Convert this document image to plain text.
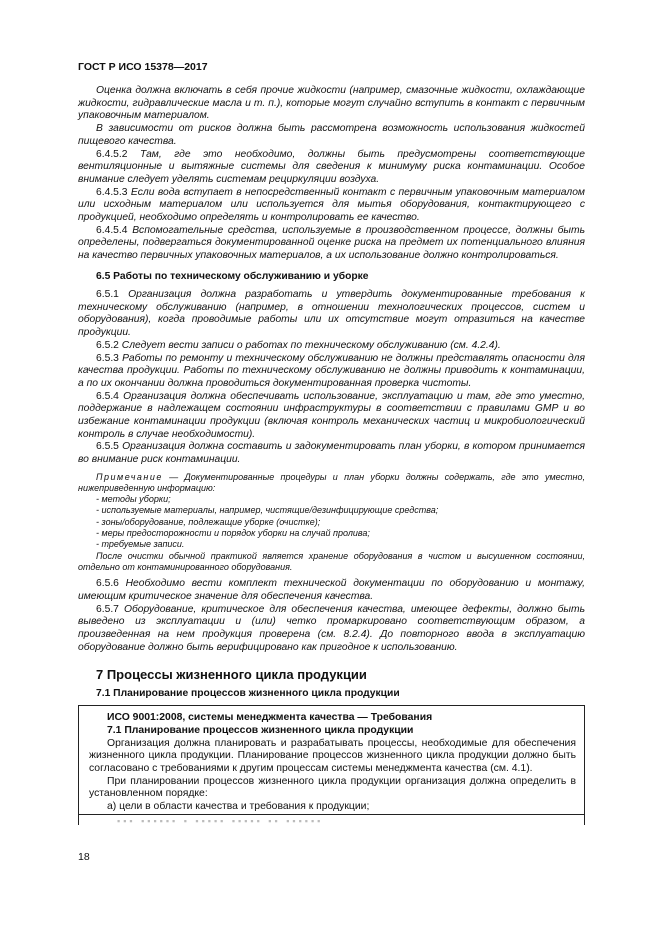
ГОСТ Р ИСО 15378—2017

Оценка должна включать в себя прочие жидкости (например, смазочные жидкости, охлаждающие жидкости, гидравлические масла и т. п.), которые могут случайно вступить в контакт с первичным упаковочным материалом.

В зависимости от рисков должна быть рассмотрена возможность использования жидкостей пищевого качества.

6.4.5.2 Там, где это необходимо, должны быть предусмотрены соответствующие вентиляционные и вытяжные системы для сведения к минимуму риска контаминации. Особое внимание следует уделять системам рециркуляции воздуха.

6.4.5.3 Если вода вступает в непосредственный контакт с первичным упаковочным материалом или исходным материалом или используется для мытья оборудования, контактирующего с продукцией, необходимо определять и контролировать ее качество.

6.4.5.4 Вспомогательные средства, используемые в производственном процессе, должны быть определены, подвергаться документированной оценке риска на предмет их потенциального влияния на качество первичных упаковочных материалов, а их использование должно контролироваться.

6.5 Работы по техническому обслуживанию и уборке

6.5.1 Организация должна разработать и утвердить документированные требования к техническому обслуживанию (например, в отношении технологических процессов, систем и оборудования), когда проводимые работы или их отсутствие могут отразиться на качестве продукции.

6.5.2 Следует вести записи о работах по техническому обслуживанию (см. 4.2.4).

6.5.3 Работы по ремонту и техническому обслуживанию не должны представлять опасности для качества продукции. Работы по техническому обслуживанию не должны приводить к контаминации, а по их окончании должна проводиться документированная проверка чистоты.

6.5.4 Организация должна обеспечивать использование, эксплуатацию и там, где это уместно, поддержание в надлежащем состоянии инфраструктуры в соответствии с правилами GMP и во избежание контаминации продукции (включая контроль механических частиц и микробиологический контроль в случае необходимости).

6.5.5 Организация должна составить и задокументировать план уборки, в котором принимается во внимание риск контаминации.

Примечание — Документированные процедуры и план уборки должны содержать, где это уместно, нижеприведенную информацию:

- методы уборки;
- используемые материалы, например, чистящие/дезинфицирующие средства;
- зоны/оборудование, подлежащие уборке (очистке);
- меры предосторожности и порядок уборки на случай пролива;
- требуемые записи.

После очистки обычной практикой является хранение оборудования в чистом и высушенном состоянии, отдельно от контаминированного оборудования.

6.5.6 Необходимо вести комплект технической документации по оборудованию и монтажу, имеющим критическое значение для обеспечения качества.

6.5.7 Оборудование, критическое для обеспечения качества, имеющее дефекты, должно быть выведено из эксплуатации и (или) четко промаркировано соответствующим образом, а произведенная на нем продукция проверена (см. 8.2.4). До повторного ввода в эксплуатацию оборудование должно быть верифицировано как пригодное к использованию.

7 Процессы жизненного цикла продукции
7.1 Планирование процессов жизненного цикла продукции

ИСО 9001:2008, системы менеджмента качества — Требования

7.1 Планирование процессов жизненного цикла продукции

Организация должна планировать и разрабатывать процессы, необходимые для обеспечения жизненного цикла продукции. Планирование процессов жизненного цикла продукции должно быть согласовано с требованиями к другим процессам системы менеджмента качества (см. 4.1).

При планировании процессов жизненного цикла продукции организация должна определить в установленном порядке:

а) цели в области качества и требования к продукции;
▪▪▪ ▪▪▪▪▪▪ ▪ ▪▪▪▪▪ ▪▪▪▪▪ ▪▪ ▪▪▪▪▪▪
18
